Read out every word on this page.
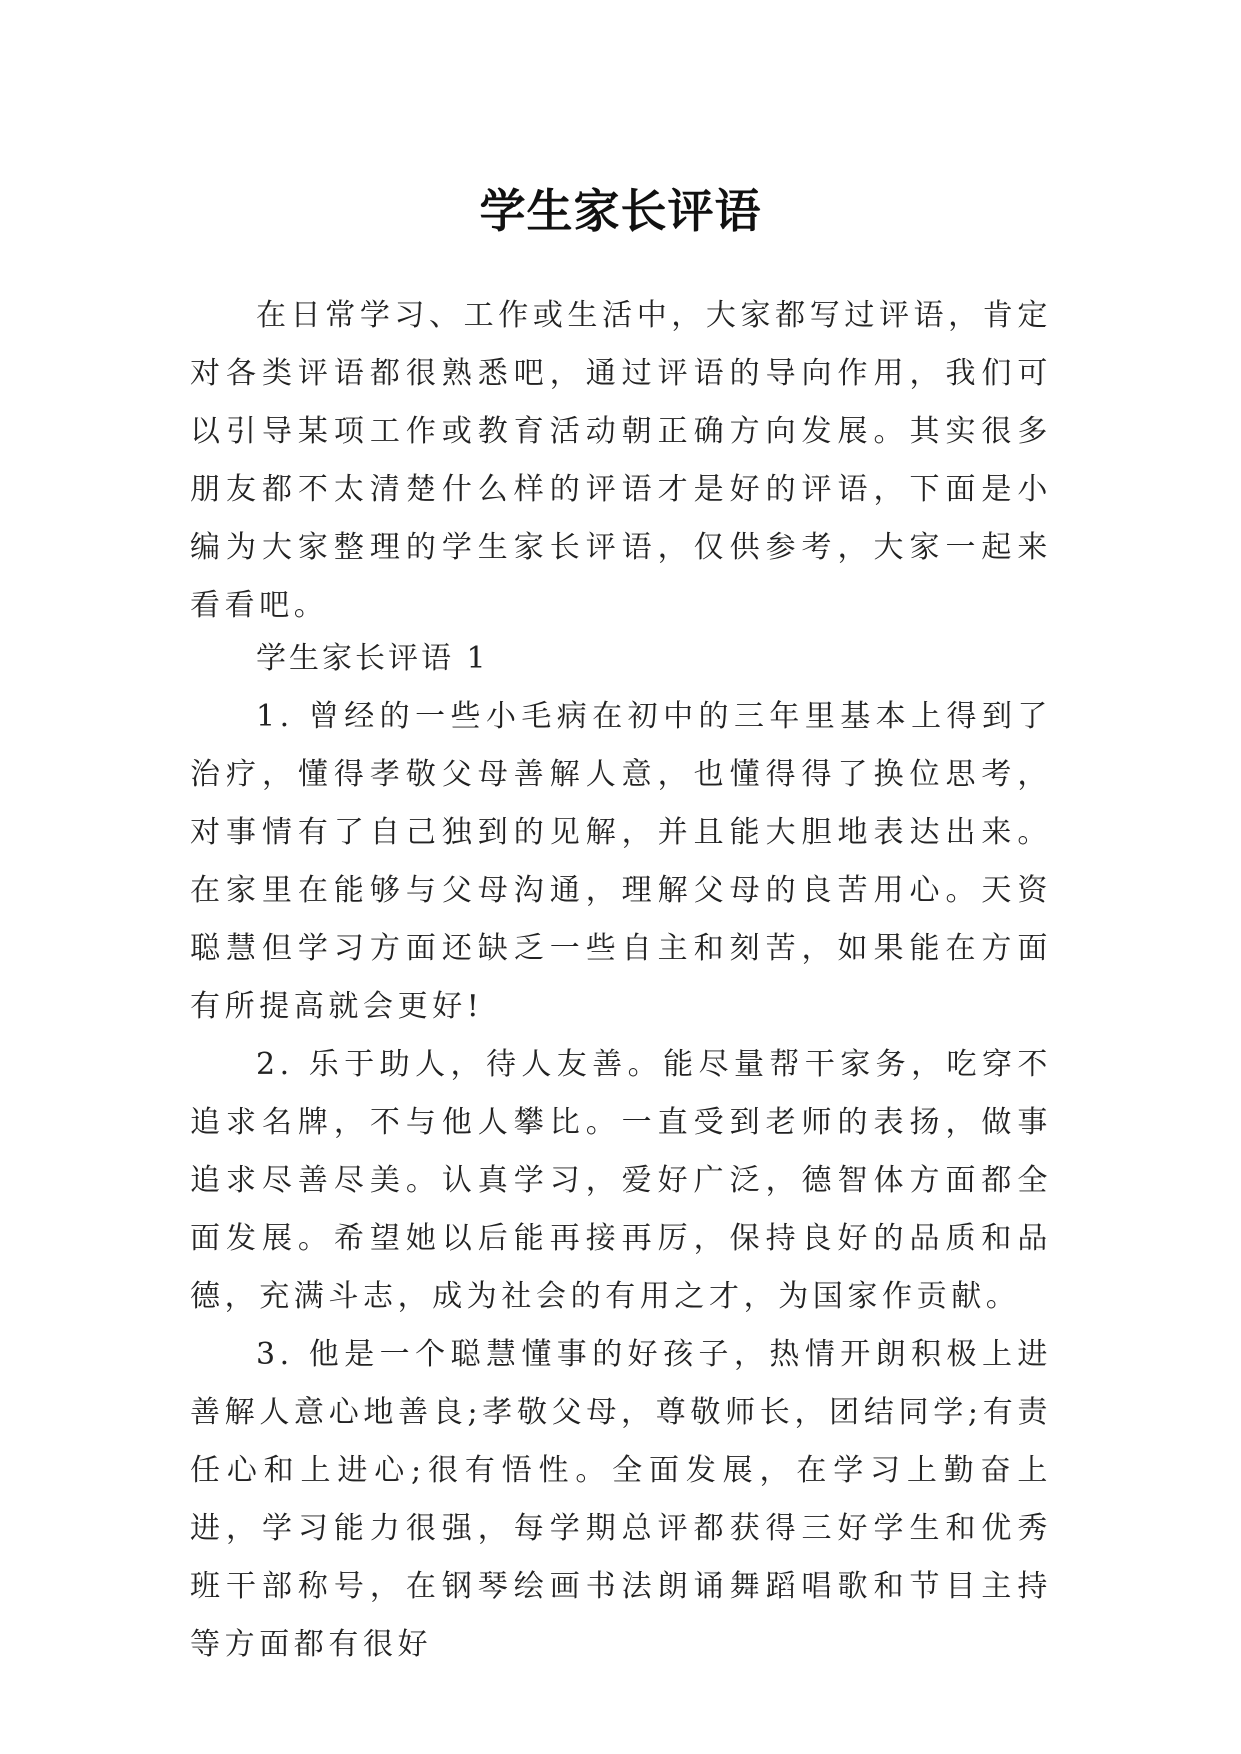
学生家长评语

在日常学习、工作或生活中，大家都写过评语，肯定对各类评语都很熟悉吧，通过评语的导向作用，我们可以引导某项工作或教育活动朝正确方向发展。其实很多朋友都不太清楚什么样的评语才是好的评语，下面是小编为大家整理的学生家长评语，仅供参考，大家一起来看看吧。

学生家长评语 1

1. 曾经的一些小毛病在初中的三年里基本上得到了治疗，懂得孝敬父母善解人意，也懂得得了换位思考，对事情有了自己独到的见解，并且能大胆地表达出来。在家里在能够与父母沟通，理解父母的良苦用心。天资聪慧但学习方面还缺乏一些自主和刻苦，如果能在方面有所提高就会更好!

2. 乐于助人，待人友善。能尽量帮干家务，吃穿不追求名牌，不与他人攀比。一直受到老师的表扬，做事追求尽善尽美。认真学习，爱好广泛，德智体方面都全面发展。希望她以后能再接再厉，保持良好的品质和品德，充满斗志，成为社会的有用之才，为国家作贡献。

3. 他是一个聪慧懂事的好孩子，热情开朗积极上进善解人意心地善良;孝敬父母，尊敬师长，团结同学;有责任心和上进心;很有悟性。全面发展，在学习上勤奋上进，学习能力很强，每学期总评都获得三好学生和优秀班干部称号，在钢琴绘画书法朗诵舞蹈唱歌和节目主持等方面都有很好
